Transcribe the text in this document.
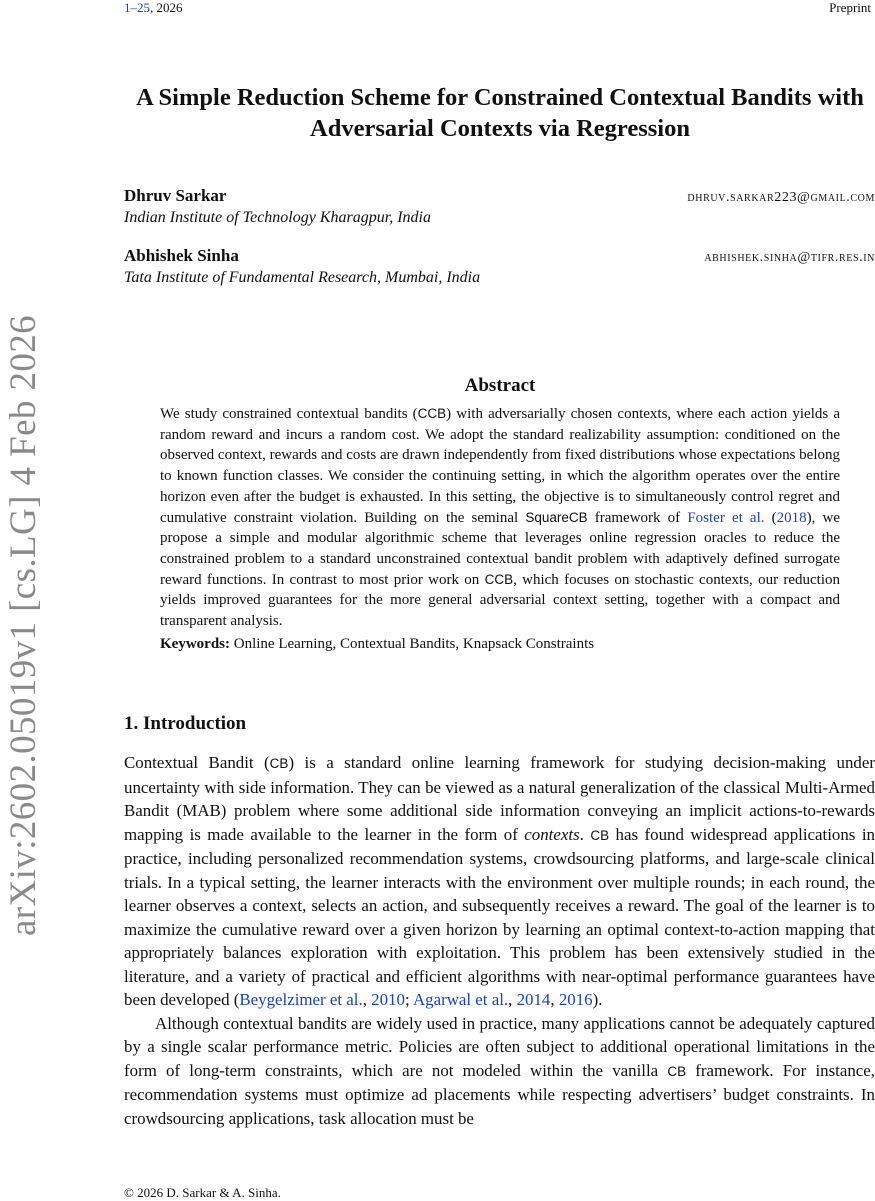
1–25, 2026	Preprint
arXiv:2602.05019v1 [cs.LG] 4 Feb 2026
A Simple Reduction Scheme for Constrained Contextual Bandits with Adversarial Contexts via Regression
Dhruv Sarkar	dhruv.sarkar223@gmail.com
Indian Institute of Technology Kharagpur, India
Abhishek Sinha	abhishek.sinha@tifr.res.in
Tata Institute of Fundamental Research, Mumbai, India
Abstract

We study constrained contextual bandits (CCB) with adversarially chosen contexts, where each action yields a random reward and incurs a random cost. We adopt the standard realizability assumption: conditioned on the observed context, rewards and costs are drawn independently from fixed distributions whose expectations belong to known function classes. We consider the continuing setting, in which the algorithm operates over the entire horizon even after the budget is exhausted. In this setting, the objective is to simultaneously control regret and cumulative constraint violation. Building on the seminal SquareCB framework of Foster et al. (2018), we propose a simple and modular algorithmic scheme that leverages online regression oracles to reduce the constrained problem to a standard unconstrained contextual bandit problem with adaptively defined surrogate reward functions. In contrast to most prior work on CCB, which focuses on stochastic contexts, our reduction yields improved guarantees for the more general adversarial context setting, together with a compact and transparent analysis.

Keywords: Online Learning, Contextual Bandits, Knapsack Constraints
1. Introduction

Contextual Bandit (CB) is a standard online learning framework for studying decision-making under uncertainty with side information. They can be viewed as a natural generalization of the classical Multi-Armed Bandit (MAB) problem where some additional side information conveying an implicit actions-to-rewards mapping is made available to the learner in the form of contexts. CB has found widespread applications in practice, including personalized recommendation systems, crowdsourcing platforms, and large-scale clinical trials. In a typical setting, the learner interacts with the environment over multiple rounds; in each round, the learner observes a context, selects an action, and subsequently receives a reward. The goal of the learner is to maximize the cumulative reward over a given horizon by learning an optimal context-to-action mapping that appropriately balances exploration with exploitation. This problem has been extensively studied in the literature, and a variety of practical and efficient algorithms with near-optimal performance guarantees have been developed (Beygelzimer et al., 2010; Agarwal et al., 2014, 2016).

Although contextual bandits are widely used in practice, many applications cannot be adequately captured by a single scalar performance metric. Policies are often subject to additional operational limitations in the form of long-term constraints, which are not modeled within the vanilla CB framework. For instance, recommendation systems must optimize ad placements while respecting advertisers’ budget constraints. In crowdsourcing applications, task allocation must be

© 2026 D. Sarkar & A. Sinha.
